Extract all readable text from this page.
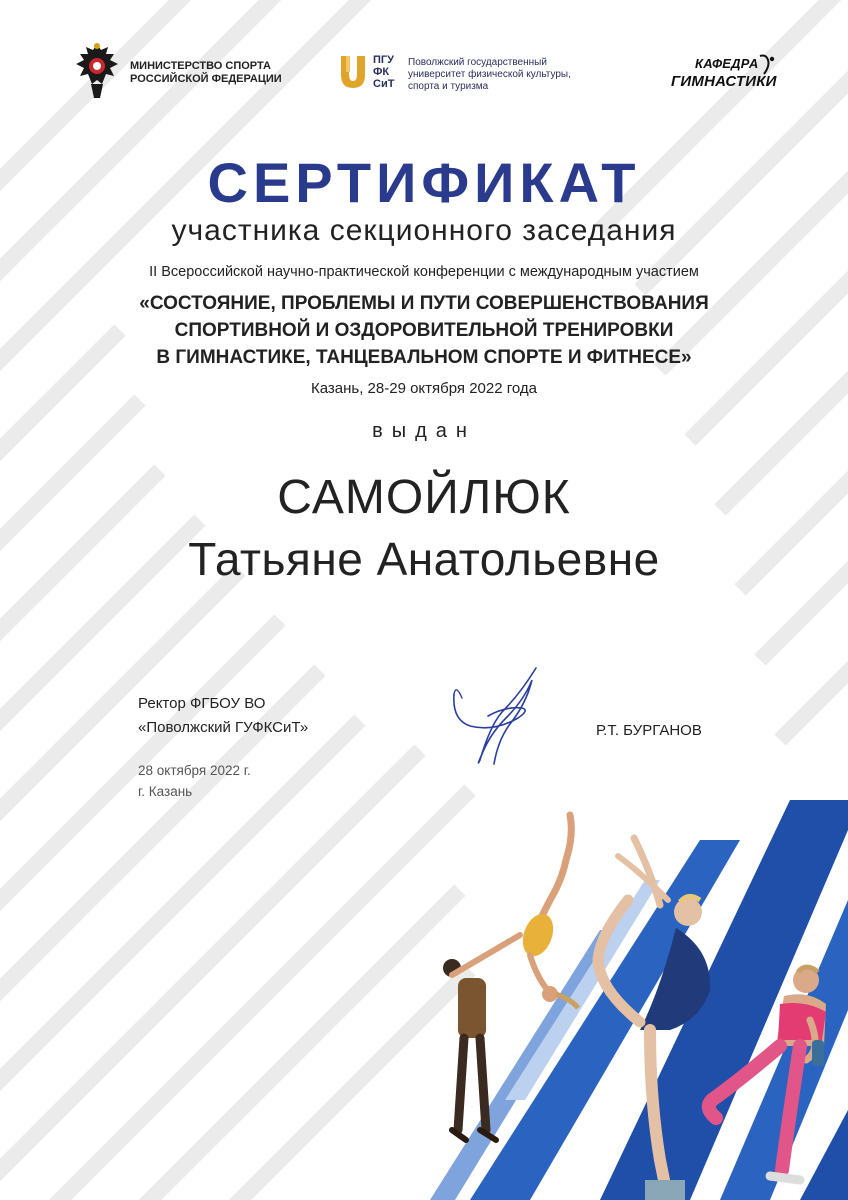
МИНИСТЕРСТВО СПОРТА
РОССИЙСКОЙ ФЕДЕРАЦИИ
ПГУ
ФК
СиТ
Поволжский государственный
университет физической культуры,
спорта и туризма
КАФЕДРА
ГИМНАСТИКИ
СЕРТИФИКАТ
участника секционного заседания
II Всероссийской научно-практической конференции с международным участием
«СОСТОЯНИЕ, ПРОБЛЕМЫ И ПУТИ СОВЕРШЕНСТВОВАНИЯ
СПОРТИВНОЙ И ОЗДОРОВИТЕЛЬНОЙ ТРЕНИРОВКИ
В ГИМНАСТИКЕ, ТАНЦЕВАЛЬНОМ СПОРТЕ И ФИТНЕСЕ»
Казань, 28-29 октября 2022 года
выдан
САМОЙЛЮК
Татьяне Анатольевне
Ректор ФГБОУ ВО
«Поволжский ГУФКСиТ»	Р.Т. БУРГАНОВ
28 октября 2022 г.
г. Казань
